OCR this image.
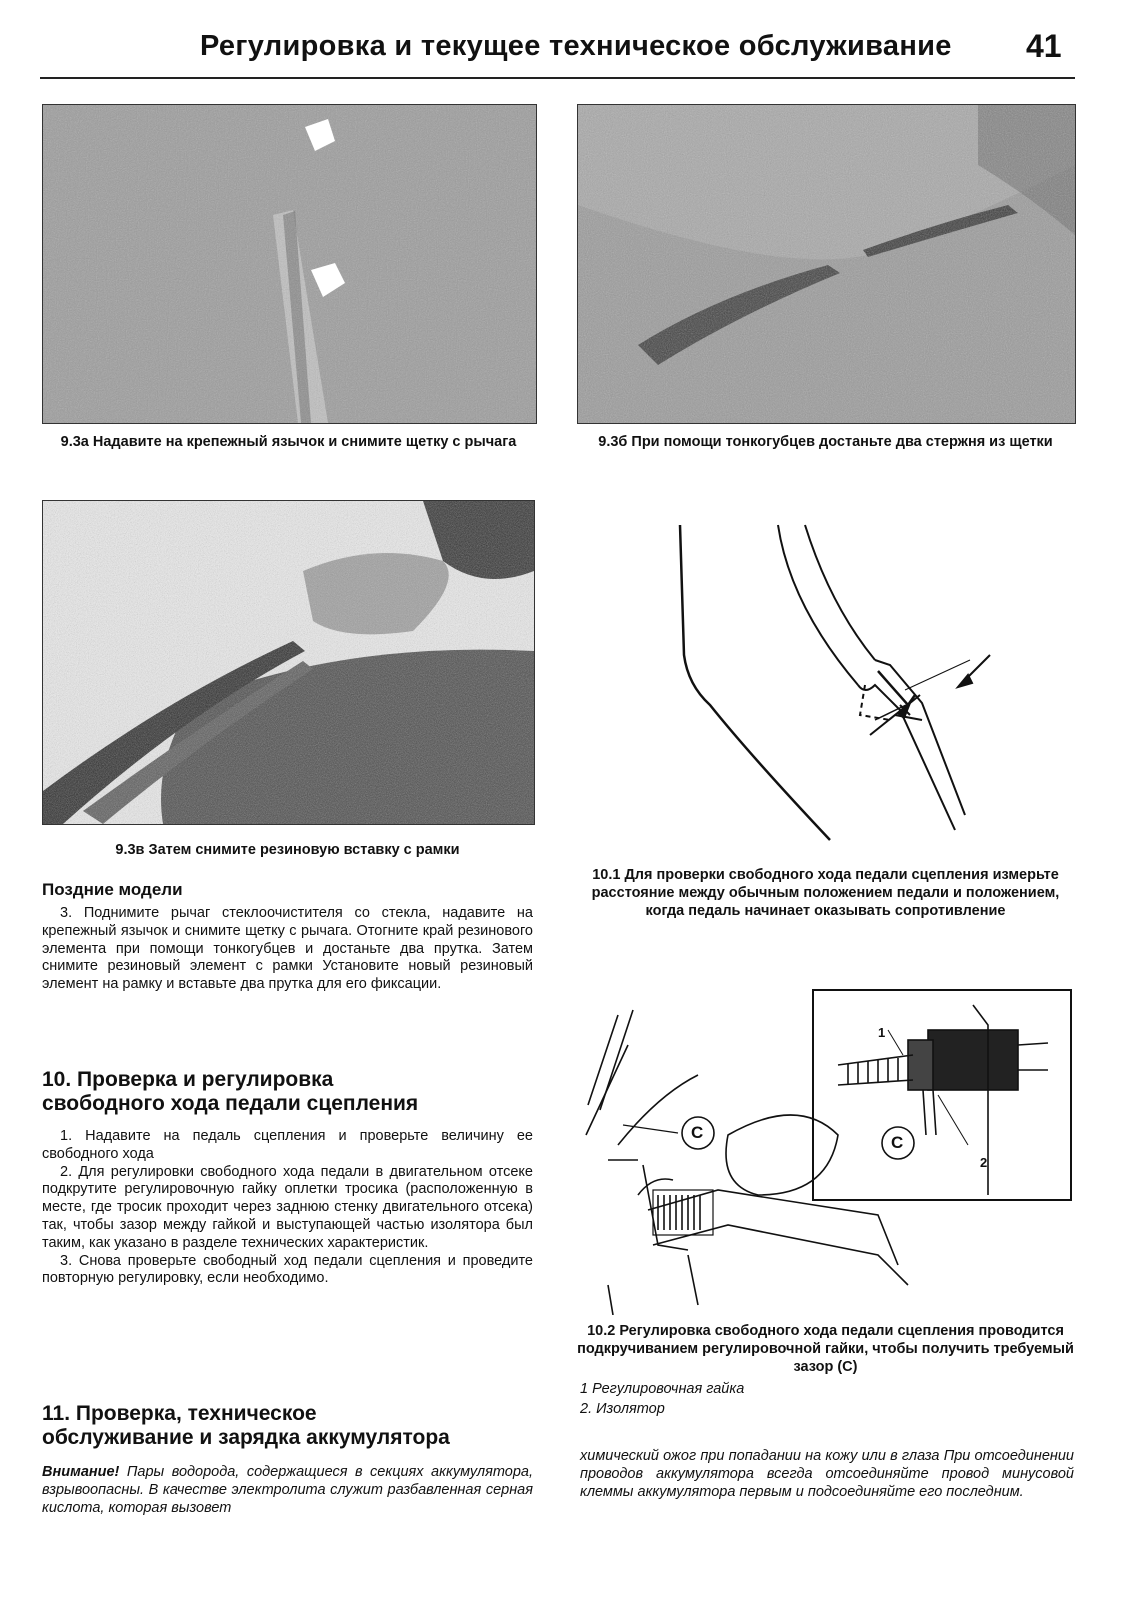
Регулировка и текущее техническое обслуживание 41
9.3а Надавите на крепежный язычок и снимите щетку с рычага	9.3б При помощи тонкогубцев достаньте два стержня из щетки
9.3в Затем снимите резиновую вставку с рамки
10.1 Для проверки свободного хода педали сцепления измерьте расстояние между обычным положением педали и положением, когда педаль начинает оказывать сопротивление
C
C
1
2
10.2 Регулировка свободного хода педали сцепления проводится подкручиванием регулировочной гайки, чтобы получить требуемый зазор (С)
1 Регулировочная гайка
2. Изолятор
Поздние модели

3. Поднимите рычаг стеклоочистителя со стекла, надавите на крепежный язычок и снимите щетку с рычага. Отогните край резинового элемента при помощи тонкогубцев и достаньте два прутка. Затем снимите резиновый элемент с рамки Установите новый резиновый элемент на рамку и вставьте два прутка для его фиксации.

10. Проверка и регулировка
свободного хода педали сцепления

1. Надавите на педаль сцепления и проверьте величину ее свободного хода

2. Для регулировки свободного хода педали в двигательном отсеке подкрутите регулировочную гайку оплетки тросика (расположенную в месте, где тросик проходит через заднюю стенку двигательного отсека) так, чтобы зазор между гайкой и выступающей частью изолятора был таким, как указано в разделе технических характеристик.

3. Снова проверьте свободный ход педали сцепления и проведите повторную регулировку, если необходимо.

11. Проверка, техническое
обслуживание и зарядка аккумулятора
Внимание! Пары водорода, содержащиеся в секциях аккумулятора, взрывоопасны. В качестве электролита служит разбавленная серная кислота, которая вызовет
химический ожог при попадании на кожу или в глаза При отсоединении проводов аккумулятора всегда отсоединяйте провод минусовой клеммы аккумулятора первым и подсоединяйте его последним.
